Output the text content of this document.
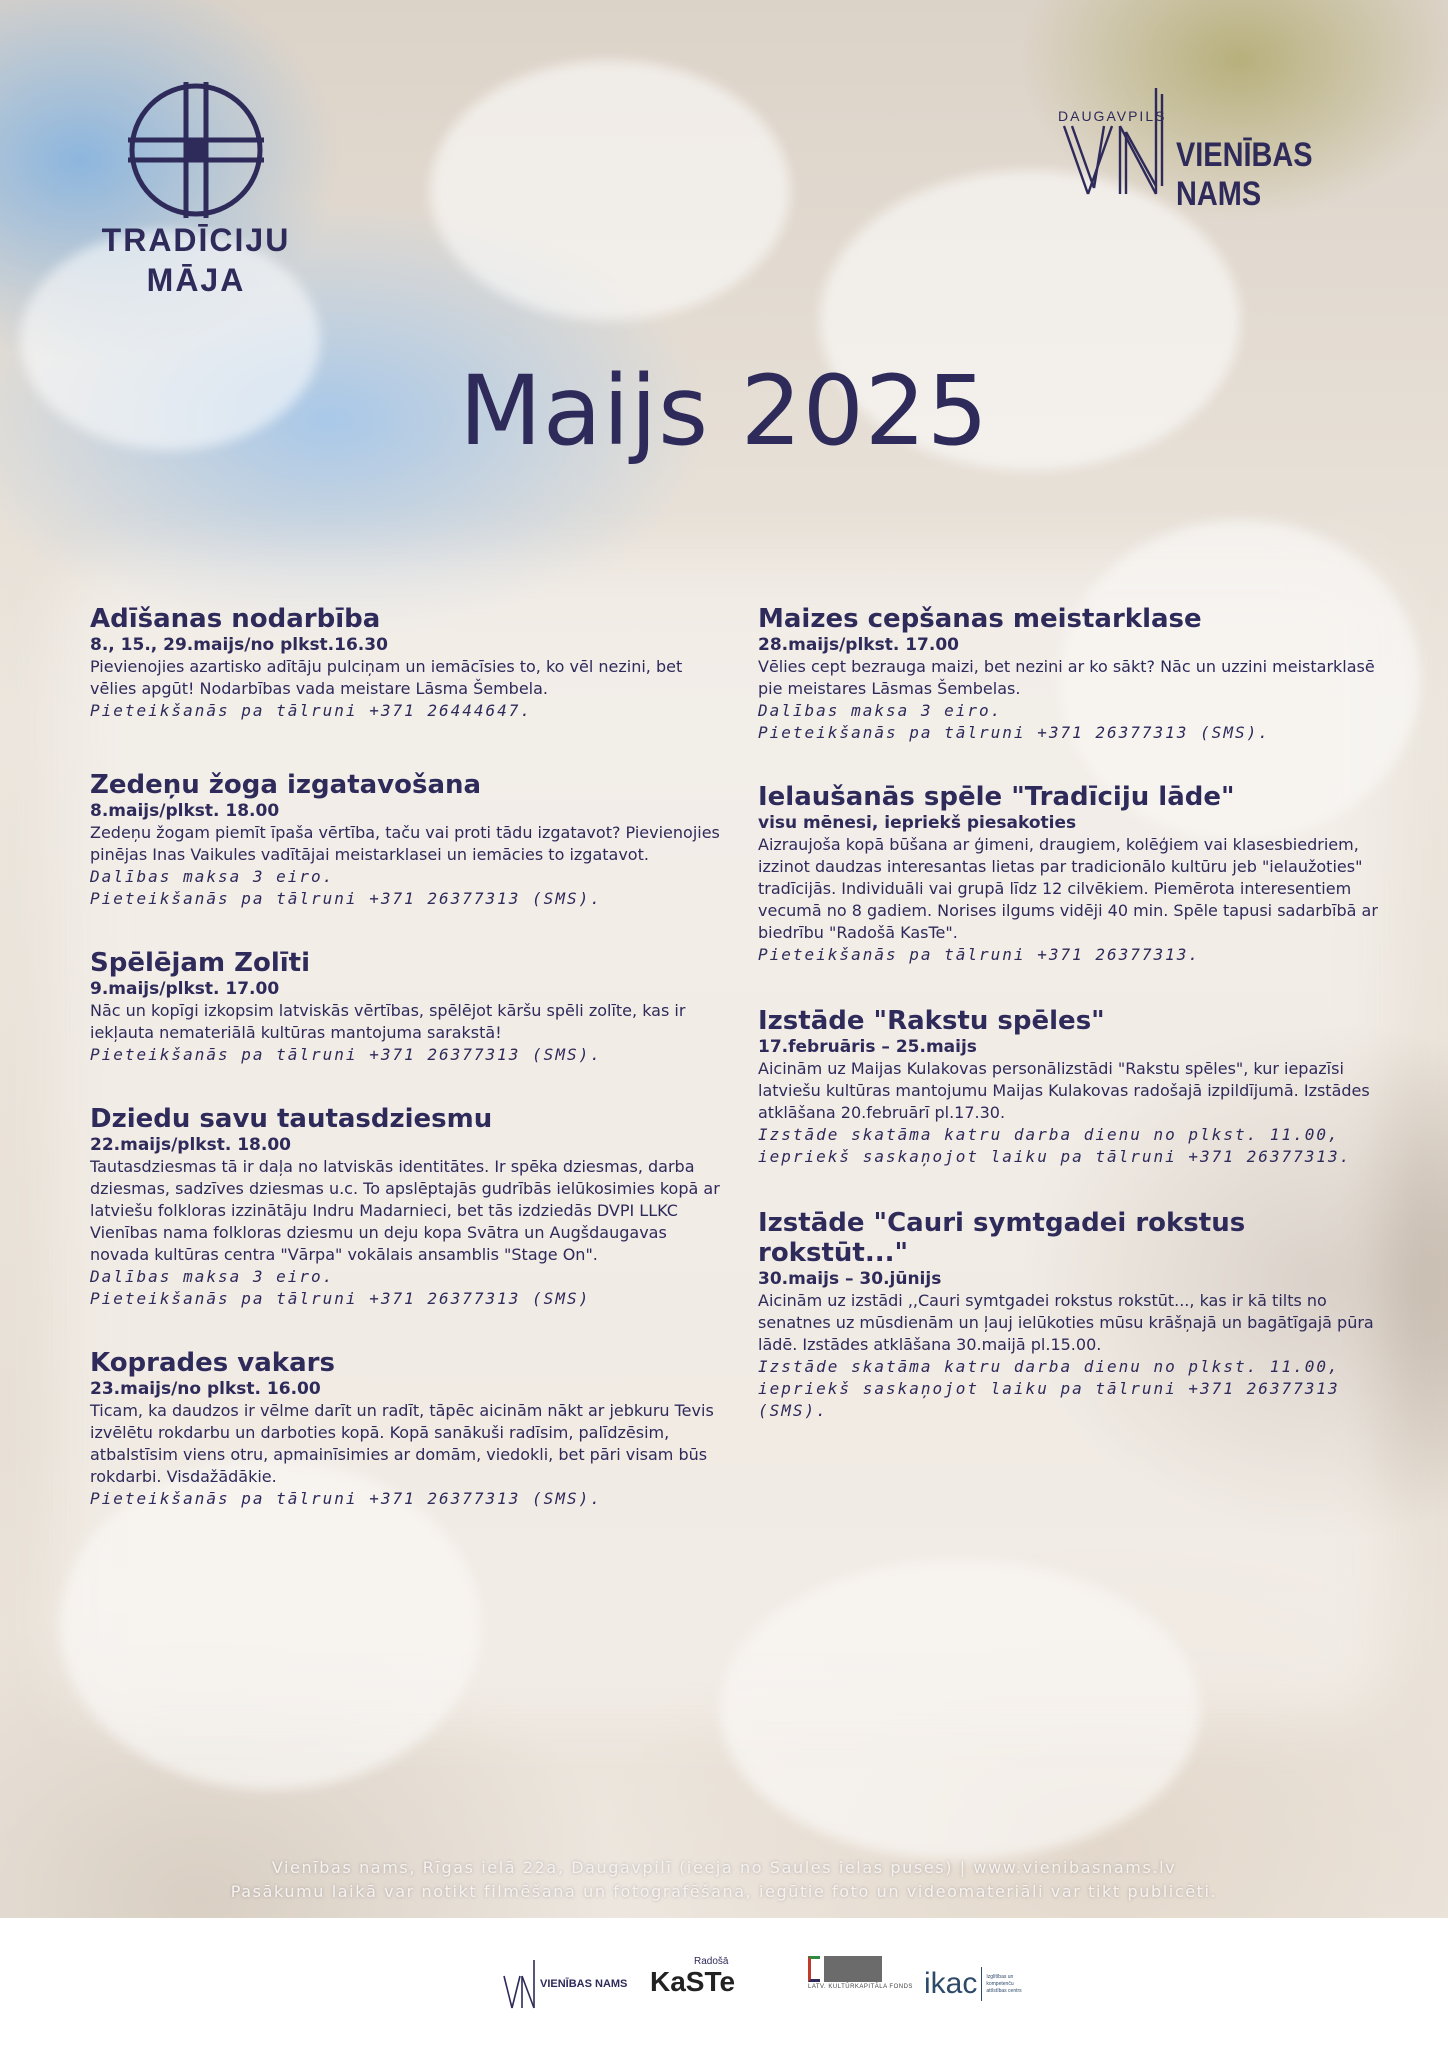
TRADĪCIJU
MĀJA
DAUGAVPILS
VIENĪBAS NAMS
Maijs 2025
Adīšanas nodarbība
8., 15., 29.maijs/no plkst.16.30
Pievienojies azartisko adītāju pulciņam un iemācīsies to, ko vēl nezini, bet vēlies apgūt! Nodarbības vada meistare Lāsma Šembela.
Pieteikšanās pa tālruni +371 26444647.
Zedeņu žoga izgatavošana
8.maijs/plkst. 18.00
Zedeņu žogam piemīt īpaša vērtība, taču vai proti tādu izgatavot? Pievienojies pinējas Inas Vaikules vadītājai meistarklasei un iemācies to izgatavot.
Dalības maksa 3 eiro.
Pieteikšanās pa tālruni +371 26377313 (SMS).
Spēlējam Zolīti
9.maijs/plkst. 17.00
Nāc un kopīgi izkopsim latviskās vērtības, spēlējot kāršu spēli zolīte, kas ir iekļauta nemateriālā kultūras mantojuma sarakstā!
Pieteikšanās pa tālruni +371 26377313 (SMS).
Dziedu savu tautasdziesmu
22.maijs/plkst. 18.00
Tautasdziesmas tā ir daļa no latviskās identitātes. Ir spēka dziesmas, darba dziesmas, sadzīves dziesmas u.c. To apslēptajās gudrībās ielūkosimies kopā ar latviešu folkloras izzinātāju Indru Madarnieci, bet tās izdziedās DVPI LLKC Vienības nama folkloras dziesmu un deju kopa Svātra un Augšdaugavas novada kultūras centra "Vārpa" vokālais ansamblis "Stage On".
Dalības maksa 3 eiro.
Pieteikšanās pa tālruni +371 26377313 (SMS)
Koprades vakars
23.maijs/no plkst. 16.00
Ticam, ka daudzos ir vēlme darīt un radīt, tāpēc aicinām nākt ar jebkuru Tevis izvēlētu rokdarbu un darboties kopā. Kopā sanākuši radīsim, palīdzēsim, atbalstīsim viens otru, apmainīsimies ar domām, viedokli, bet pāri visam būs rokdarbi. Visdažādākie.
Pieteikšanās pa tālruni +371 26377313 (SMS).
Maizes cepšanas meistarklase
28.maijs/plkst. 17.00
Vēlies cept bezrauga maizi, bet nezini ar ko sākt? Nāc un uzzini meistarklasē pie meistares Lāsmas Šembelas.
Dalības maksa 3 eiro.
Pieteikšanās pa tālruni +371 26377313 (SMS).
Ielaušanās spēle "Tradīciju lāde"
visu mēnesi, iepriekš piesakoties
Aizraujoša kopā būšana ar ģimeni, draugiem, kolēģiem vai klasesbiedriem, izzinot daudzas interesantas lietas par tradicionālo kultūru jeb "ielaužoties" tradīcijās. Individuāli vai grupā līdz 12 cilvēkiem. Piemērota interesentiem vecumā no 8 gadiem. Norises ilgums vidēji 40 min. Spēle tapusi sadarbībā ar biedrību "Radošā KasTe".
Pieteikšanās pa tālruni +371 26377313.
Izstāde "Rakstu spēles"
17.februāris – 25.maijs
Aicinām uz Maijas Kulakovas personālizstādi "Rakstu spēles", kur iepazīsi latviešu kultūras mantojumu Maijas Kulakovas radošajā izpildījumā. Izstādes atklāšana 20.februārī pl.17.30.
Izstāde skatāma katru darba dienu no plkst. 11.00, iepriekš saskaņojot laiku pa tālruni +371 26377313.
Izstāde "Cauri symtgadei rokstus rokstūt..."
30.maijs – 30.jūnijs
Aicinām uz izstādi ,,Cauri symtgadei rokstus rokstūt..., kas ir kā tilts no senatnes uz mūsdienām un ļauj ielūkoties mūsu krāšņajā un bagātīgajā pūra lādē. Izstādes atklāšana 30.maijā pl.15.00.
Izstāde skatāma katru darba dienu no plkst. 11.00, iepriekš saskaņojot laiku pa tālruni +371 26377313 (SMS).
Vienības nams, Rīgas ielā 22a, Daugavpilī (ieeja no Saules ielas puses) | www.vienibasnams.lv
Pasākumu laikā var notikt filmēšana un fotografēšana, iegūtie foto un videomateriāli var tikt publicēti.
VIENĪBAS NAMS
Radošā
KaSTe	LATV. KULTŪRKAPITĀLA FONDS ikac Izglītības un kompetenču attīstības centrs
